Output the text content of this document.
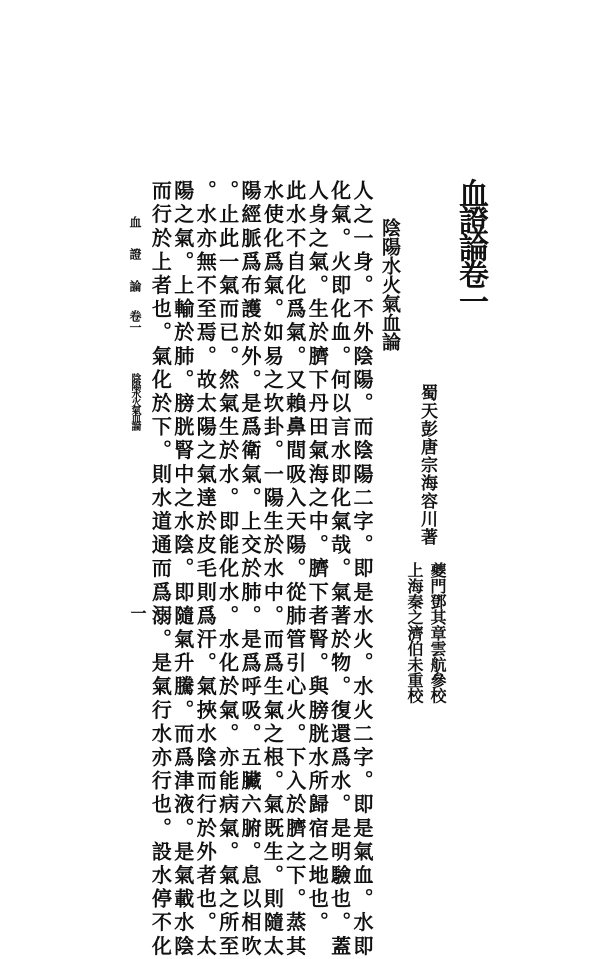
血證論卷一
蜀天彭唐宗海容川著
夔門鄧其章雲航參校
上海秦之濟伯未重校
陰陽水火氣血論
人之一身。不外陰陽。而陰陽二字。即是水火。水火二字。即是氣血。水即
化氣。火即化血。何以言水即化氣哉。氣著於物。復還爲水。是明驗也。蓋
人身之氣。生於臍下丹田氣海之中。臍下者腎。與膀胱水所歸宿之地也。
此水不自化爲氣。又賴鼻間吸入天陽。從肺管引心火。下入於臍之下。蒸其
水使化爲氣。如易之坎卦。一陽生於水中。而爲生氣之根。氣既生。則隨太
陽經脈爲布護於外。是爲衛氣。上交於肺。是爲呼吸。五臟六腑。息以相吹
。止此一氣而已。然氣生於水。即能化水。水化於氣。亦能病氣。氣之所至
。水亦無不至焉。故太陽之氣達於皮毛則爲汗。氣挾水陰而行於外者也。太
陽之氣。上輸於肺。膀胱腎中之水陰。即隨氣升騰。而爲津液。是氣載水陰
而行於上者也。氣化於下。則水道通而爲溺。是氣行水亦行也。設水停不化
血證論
卷一
陰陽水火氣血論
一
